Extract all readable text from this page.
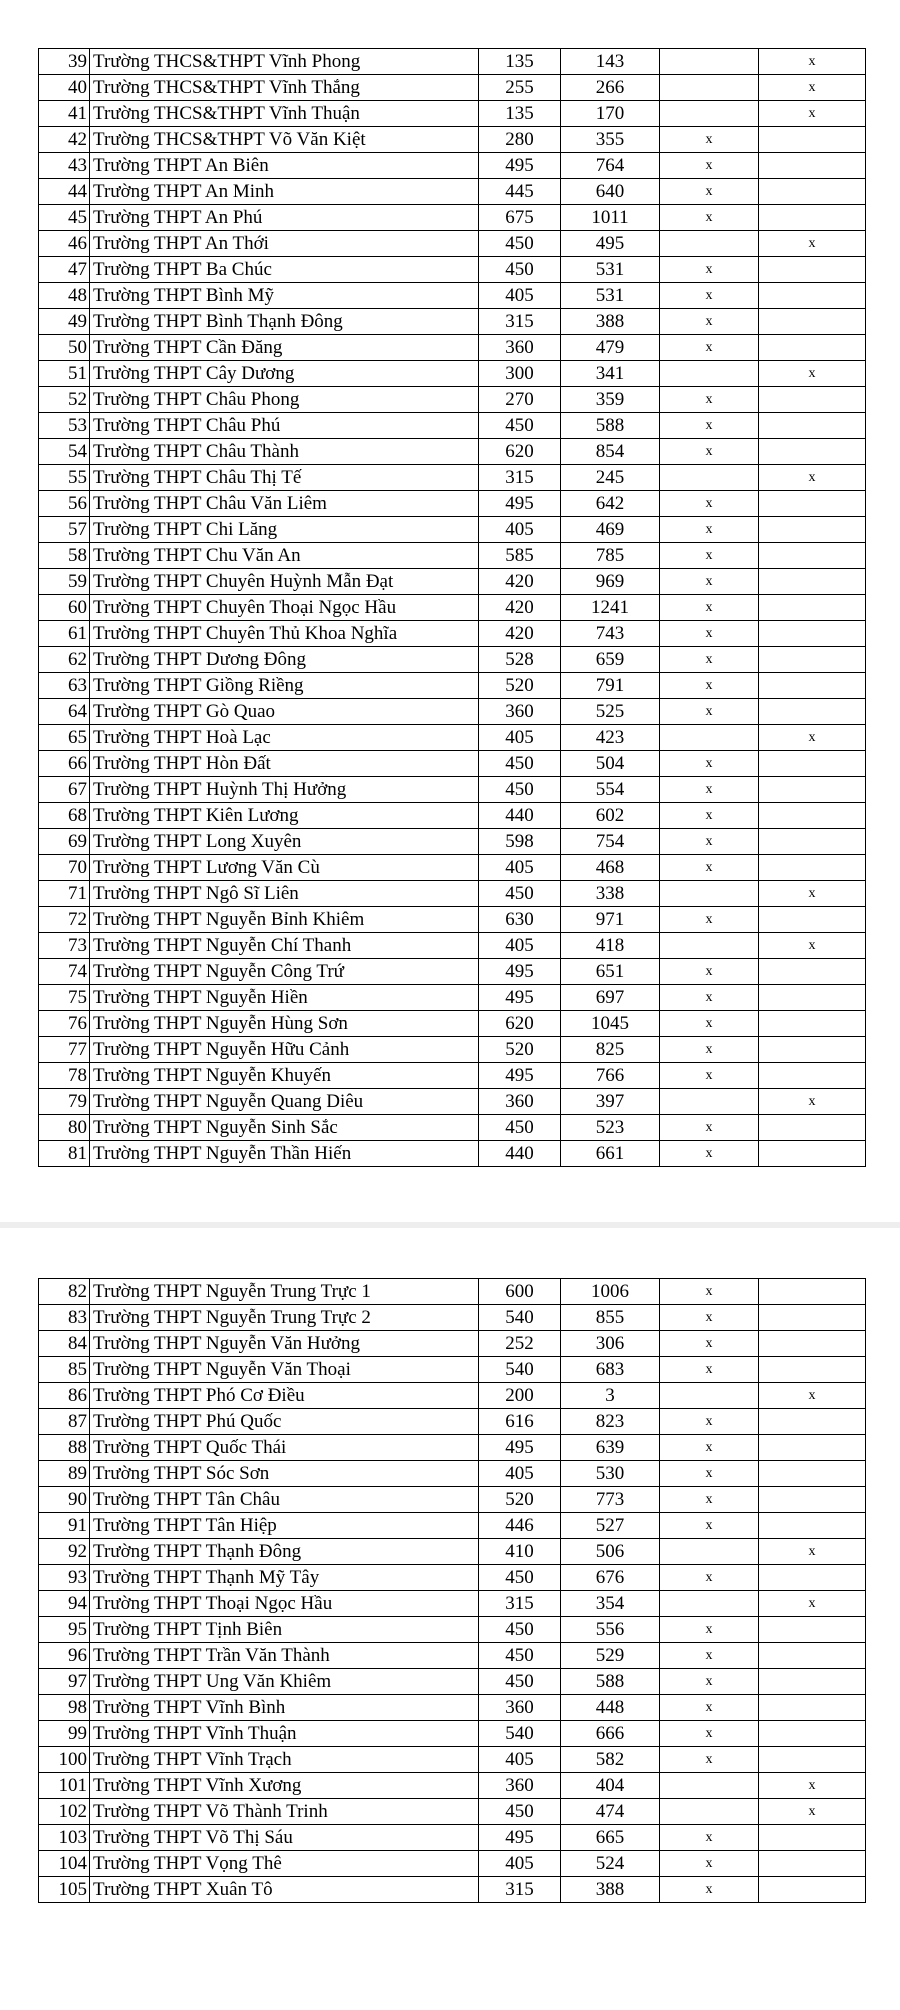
39	Trường THCS&THPT Vĩnh Phong	135	143		x
40	Trường THCS&THPT Vĩnh Thắng	255	266		x
41	Trường THCS&THPT Vĩnh Thuận	135	170		x
42	Trường THCS&THPT Võ Văn Kiệt	280	355	x	
43	Trường THPT An Biên	495	764	x	
44	Trường THPT An Minh	445	640	x	
45	Trường THPT An Phú	675	1011	x	
46	Trường THPT An Thới	450	495		x
47	Trường THPT Ba Chúc	450	531	x	
48	Trường THPT Bình Mỹ	405	531	x	
49	Trường THPT Bình Thạnh Đông	315	388	x	
50	Trường THPT Cần Đăng	360	479	x	
51	Trường THPT Cây Dương	300	341		x
52	Trường THPT Châu Phong	270	359	x	
53	Trường THPT Châu Phú	450	588	x	
54	Trường THPT Châu Thành	620	854	x	
55	Trường THPT Châu Thị Tế	315	245		x
56	Trường THPT Châu Văn Liêm	495	642	x	
57	Trường THPT Chi Lăng	405	469	x	
58	Trường THPT Chu Văn An	585	785	x	
59	Trường THPT Chuyên Huỳnh Mẫn Đạt	420	969	x	
60	Trường THPT Chuyên Thoại Ngọc Hầu	420	1241	x	
61	Trường THPT Chuyên Thủ Khoa Nghĩa	420	743	x	
62	Trường THPT Dương Đông	528	659	x	
63	Trường THPT Giồng Riềng	520	791	x	
64	Trường THPT Gò Quao	360	525	x	
65	Trường THPT Hoà Lạc	405	423		x
66	Trường THPT Hòn Đất	450	504	x	
67	Trường THPT Huỳnh Thị Hưởng	450	554	x	
68	Trường THPT Kiên Lương	440	602	x	
69	Trường THPT Long Xuyên	598	754	x	
70	Trường THPT Lương Văn Cù	405	468	x	
71	Trường THPT Ngô Sĩ Liên	450	338		x
72	Trường THPT Nguyễn Bỉnh Khiêm	630	971	x	
73	Trường THPT Nguyễn Chí Thanh	405	418		x
74	Trường THPT Nguyễn Công Trứ	495	651	x	
75	Trường THPT Nguyễn Hiền	495	697	x	
76	Trường THPT Nguyễn Hùng Sơn	620	1045	x	
77	Trường THPT Nguyễn Hữu Cảnh	520	825	x	
78	Trường THPT Nguyễn Khuyến	495	766	x	
79	Trường THPT Nguyễn Quang Diêu	360	397		x
80	Trường THPT Nguyễn Sinh Sắc	450	523	x	
81	Trường THPT Nguyễn Thần Hiến	440	661	x	
82	Trường THPT Nguyễn Trung Trực 1	600	1006	x	
83	Trường THPT Nguyễn Trung Trực 2	540	855	x	
84	Trường THPT Nguyễn Văn Hưởng	252	306	x	
85	Trường THPT Nguyễn Văn Thoại	540	683	x	
86	Trường THPT Phó Cơ Điều	200	3		x
87	Trường THPT Phú Quốc	616	823	x	
88	Trường THPT Quốc Thái	495	639	x	
89	Trường THPT Sóc Sơn	405	530	x	
90	Trường THPT Tân Châu	520	773	x	
91	Trường THPT Tân Hiệp	446	527	x	
92	Trường THPT Thạnh Đông	410	506		x
93	Trường THPT Thạnh Mỹ Tây	450	676	x	
94	Trường THPT Thoại Ngọc Hầu	315	354		x
95	Trường THPT Tịnh Biên	450	556	x	
96	Trường THPT Trần Văn Thành	450	529	x	
97	Trường THPT Ung Văn Khiêm	450	588	x	
98	Trường THPT Vĩnh Bình	360	448	x	
99	Trường THPT Vĩnh Thuận	540	666	x	
100	Trường THPT Vĩnh Trạch	405	582	x	
101	Trường THPT Vĩnh Xương	360	404		x
102	Trường THPT Võ Thành Trinh	450	474		x
103	Trường THPT Võ Thị Sáu	495	665	x	
104	Trường THPT Vọng Thê	405	524	x	
105	Trường THPT Xuân Tô	315	388	x	
